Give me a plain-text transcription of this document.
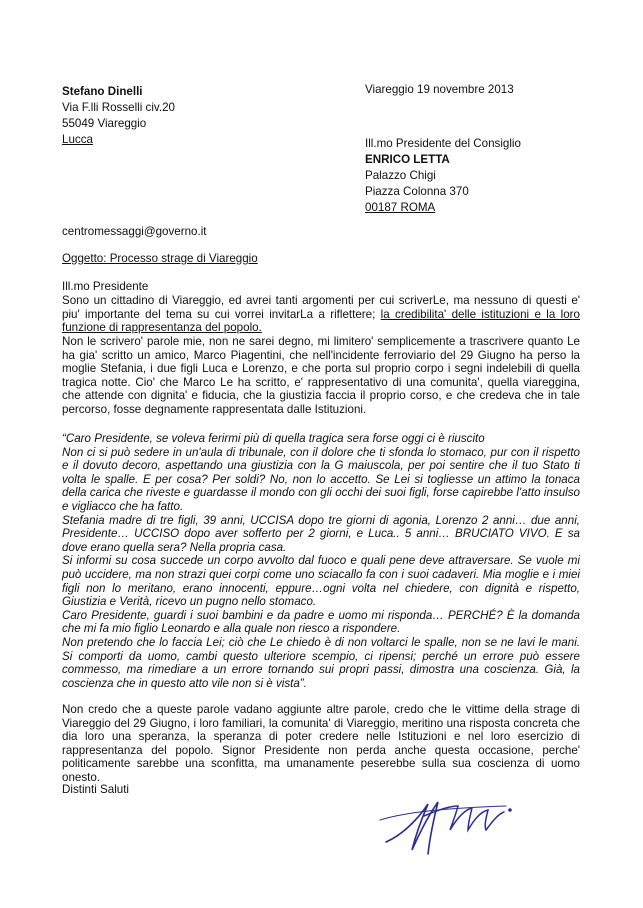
Stefano Dinelli
Via F.lli Rosselli civ.20
55049 Viareggio
Lucca
Viareggio 19 novembre 2013
Ill.mo Presidente del Consiglio
ENRICO LETTA
Palazzo Chigi
Piazza Colonna 370
00187 ROMA
centromessaggi@governo.it
Oggetto: Processo strage di Viareggio
Ill.mo Presidente
Sono un cittadino di Viareggio, ed avrei tanti argomenti per cui scriverLe, ma nessuno di questi e' piu' importante del tema su cui vorrei invitarLa a riflettere; la credibilita' delle istituzioni e la loro funzione di rappresentanza del popolo.
Non le scrivero' parole mie, non ne sarei degno, mi limitero' semplicemente a trascrivere quanto Le ha gia' scritto un amico, Marco Piagentini, che nell'incidente ferroviario del 29 Giugno ha perso la moglie Stefania, i due figli Luca e Lorenzo, e che porta sul proprio corpo i segni indelebili di quella tragica notte. Cio' che Marco Le ha scritto, e' rappresentativo di una comunita', quella viareggina, che attende con dignita' e fiducia, che la giustizia faccia il proprio corso, e che credeva che in tale percorso, fosse degnamente rappresentata dalle Istituzioni.

“Caro Presidente, se voleva ferirmi più di quella tragica sera forse oggi ci è riuscito

Non ci si può sedere in un'aula di tribunale, con il dolore che ti sfonda lo stomaco, pur con il rispetto e il dovuto decoro, aspettando una giustizia con la G maiuscola, per poi sentire che il tuo Stato ti volta le spalle. E per cosa? Per soldi? No, non lo accetto. Se Lei si togliesse un attimo la tonaca della carica che riveste e guardasse il mondo con gli occhi dei suoi figli, forse capirebbe l'atto insulso e vigliacco che ha fatto.

Stefania madre di tre figli, 39 anni, UCCISA dopo tre giorni di agonia, Lorenzo 2 anni… due anni, Presidente… UCCISO dopo aver sofferto per 2 giorni, e Luca.. 5 anni… BRUCIATO VIVO. E sa dove erano quella sera? Nella propria casa.

Si informi su cosa succede un corpo avvolto dal fuoco e quali pene deve attraversare. Se vuole mi può uccidere, ma non strazi quei corpi come uno sciacallo fa con i suoi cadaveri. Mia moglie e i miei figli non lo meritano, erano innocenti, eppure…ogni volta nel chiedere, con dignità e rispetto, Giustizia e Verità, ricevo un pugno nello stomaco.

Caro Presidente, guardi i suoi bambini e da padre e uomo mi risponda… PERCHÉ? È la domanda che mi fa mio figlio Leonardo e alla quale non riesco a rispondere.

Non pretendo che lo faccia Lei; ciò che Le chiedo è di non voltarci le spalle, non se ne lavi le mani. Si comporti da uomo, cambi questo ulteriore scempio, ci ripensi; perché un errore può essere commesso, ma rimediare a un errore tornando sui propri passi, dimostra una coscienza. Già, la coscienza che in questo atto vile non si è vista”.

Non credo che a queste parole vadano aggiunte altre parole, credo che le vittime della strage di Viareggio del 29 Giugno, i loro familiari, la comunita' di Viareggio, meritino una risposta concreta che dia loro una speranza, la speranza di poter credere nelle Istituzioni e nel loro esercizio di rappresentanza del popolo. Signor Presidente non perda anche questa occasione, perche' politicamente sarebbe una sconfitta, ma umanamente peserebbe sulla sua coscienza di uomo onesto.
Distinti Saluti
